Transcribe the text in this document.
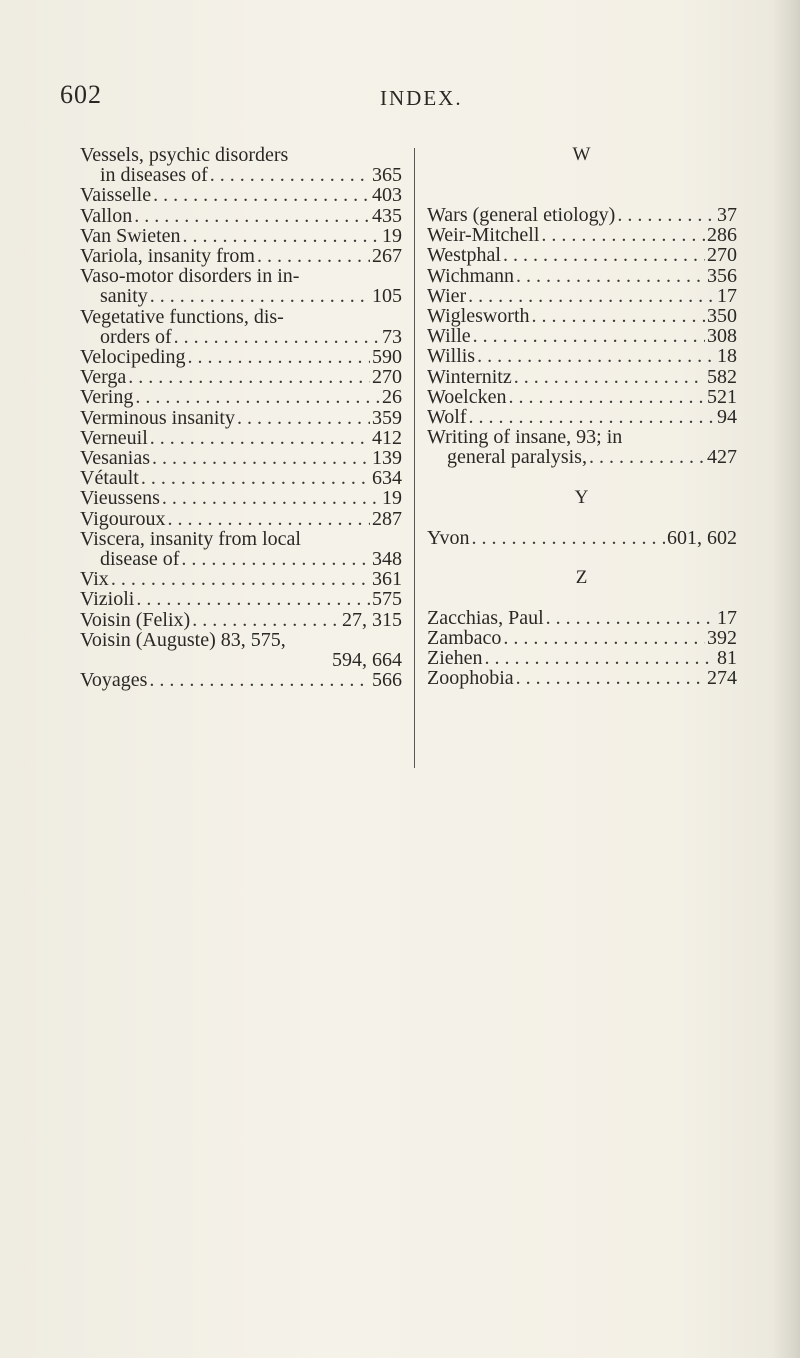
602	INDEX.
Vessels, psychic disorders
in diseases of . . .	365
Vaisselle . . .	403
Vallon . . .	435
Van Swieten . . .	19
Variola, insanity from . . .	267
Vaso-motor disorders in in-
sanity . . .	105
Vegetative functions, dis-
orders of . . .	73
Velocipeding . . .	590
Verga . . .	270
Vering . . .	26
Verminous insanity . . .	359
Verneuil . . .	412
Vesanias . . .	139
Vétault . . .	634
Vieussens . . .	19
Vigouroux . . .	287
Viscera, insanity from local
disease of . . .	348
Vix . . .	361
Vizioli . . .	575
Voisin (Felix) . . .	27, 315
Voisin (Auguste) 83, 575,
594, 664
Voyages . . .	566
W
Wars (general etiology) . . .	37
Weir-Mitchell . . .	286
Westphal . . .	270
Wichmann . . .	356
Wier . . .	17
Wiglesworth . . .	350
Wille . . .	308
Willis . . .	18
Winternitz . . .	582
Woelcken . . .	521
Wolf . . .	94
Writing of insane, 93; in
general paralysis, . . .	427
Y
Yvon . . .	601, 602
Z
Zacchias, Paul . . .	17
Zambaco . . .	392
Ziehen . . .	81
Zoophobia . . .	274
